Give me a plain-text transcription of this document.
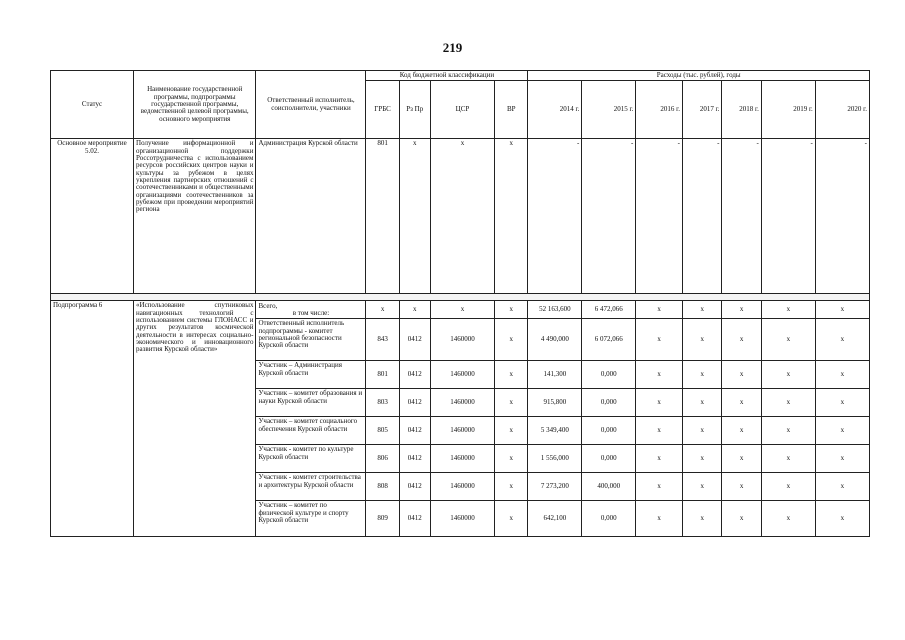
219
Статус	Наименование государственной программы, подпрограммы государственной программы, ведомственной целевой программы, основного мероприятия	Ответственный исполнитель, соисполнители, участники	Код бюджетной классификации				Расходы (тыс. рублей), годы						
			ГРБС	Рз Пр	ЦСР	ВР	2014 г.	2015 г.	2016 г.	2017 г.	2018 г.	2019 г.	2020 г.
Основное мероприятие 5.02.	Получение информационной и организационной поддержки Россотрудничества с использованием ресурсов российских центров науки и культуры за рубежом в целях укрепления партнерских отношений с соотечественниками и общественными организациями соотечественников за рубежом при проведении мероприятий региона	Администрация Курской области	801	х	х	х	-	-	-	-	-	-	-

Подпрограмма 6	«Использование спутниковых навигационных технологий с использованием системы ГЛОНАСС и других результатов космической деятельности в интересах социально-экономического и инновационного развития Курской области»	Всего,
в том числе:	х	х	х	х	52 163,600	6 472,066	х	х	х	х	х
		Ответственный исполнитель подпрограммы - комитет региональной безопасности Курской области	843	0412	1460000	х	4 490,000	6 072,066	х	х	х	х	х
		Участник – Администрация Курской области	801	0412	1460000	х	141,300	0,000	х	х	х	х	х
		Участник – комитет образования и науки Курской области	803	0412	1460000	х	915,800	0,000	х	х	х	х	х
		Участник – комитет социального обеспечения Курской области	805	0412	1460000	х	5 349,400	0,000	х	х	х	х	х
		Участник - комитет по культуре Курской области	806	0412	1460000	х	1 556,000	0,000	х	х	х	х	х
		Участник - комитет строительства и архитектуры Курской области	808	0412	1460000	х	7 273,200	400,000	х	х	х	х	х
		Участник – комитет по физической культуре и спорту Курской области	809	0412	1460000	х	642,100	0,000	х	х	х	х	х
